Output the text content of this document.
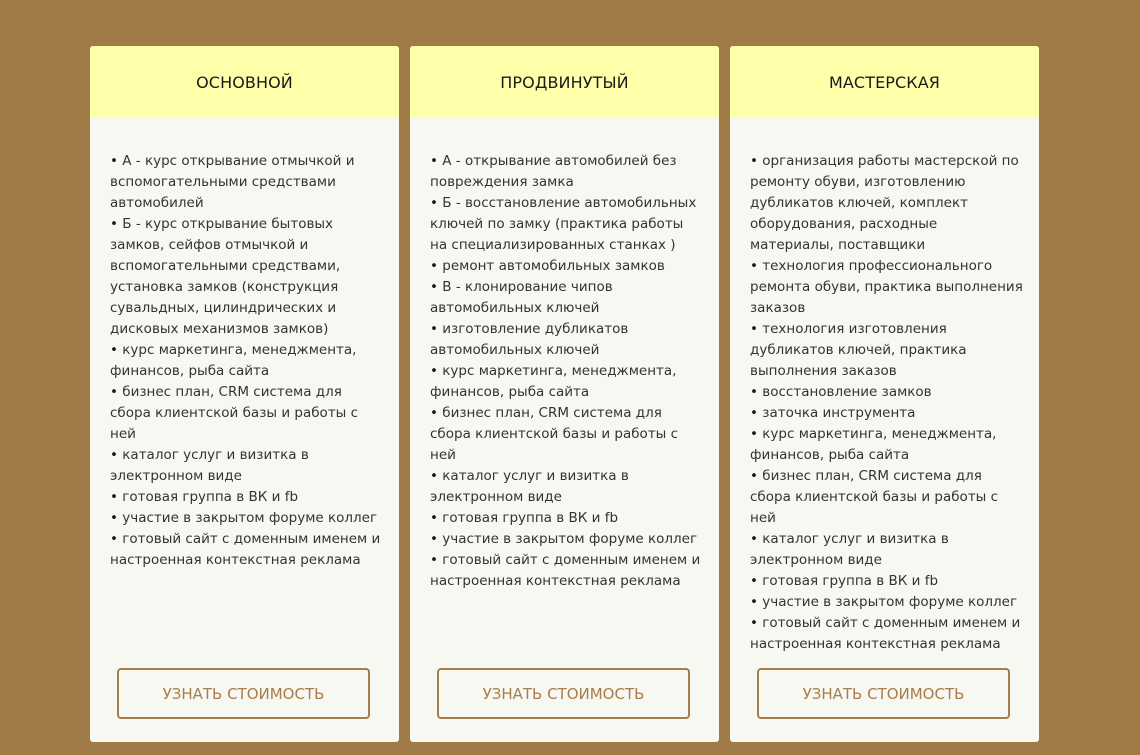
ОСНОВНОЙ

• А - курс открывание отмычкой и вспомогательными средствами автомобилей

• Б - курс открывание бытовых замков, сейфов отмычкой и вспомогательными средствами, установка замков (конструкция сувальдных, цилиндрических и дисковых механизмов замков)

• курс маркетинга, менеджмента, финансов, рыба сайта

• бизнес план, CRM система для сбора клиентской базы и работы с ней

• каталог услуг и визитка в электронном виде

• готовая группа в ВК и fb

• участие в закрытом форуме коллег

• готовый сайт с доменным именем и настроенная контекстная реклама

УЗНАТЬ СТОИМОСТЬ
ПРОДВИНУТЫЙ

• А - открывание автомобилей без повреждения замка

• Б - восстановление автомобильных ключей по замку (практика работы на специализированных станках )

• ремонт автомобильных замков

• В - клонирование чипов автомобильных ключей

• изготовление дубликатов автомобильных ключей

• курс маркетинга, менеджмента, финансов, рыба сайта

• бизнес план, CRM система для сбора клиентской базы и работы с ней

• каталог услуг и визитка в электронном виде

• готовая группа в ВК и fb

• участие в закрытом форуме коллег

• готовый сайт с доменным именем и настроенная контекстная реклама

УЗНАТЬ СТОИМОСТЬ
МАСТЕРСКАЯ

• организация работы мастерской по ремонту обуви, изготовлению дубликатов ключей, комплект оборудования, расходные материалы, поставщики

• технология профессионального ремонта обуви, практика выполнения заказов

• технология изготовления дубликатов ключей, практика выполнения заказов

• восстановление замков

• заточка инструмента

• курс маркетинга, менеджмента, финансов, рыба сайта

• бизнес план, CRM система для сбора клиентской базы и работы с ней

• каталог услуг и визитка в электронном виде

• готовая группа в ВК и fb

• участие в закрытом форуме коллег

• готовый сайт с доменным именем и настроенная контекстная реклама

УЗНАТЬ СТОИМОСТЬ
